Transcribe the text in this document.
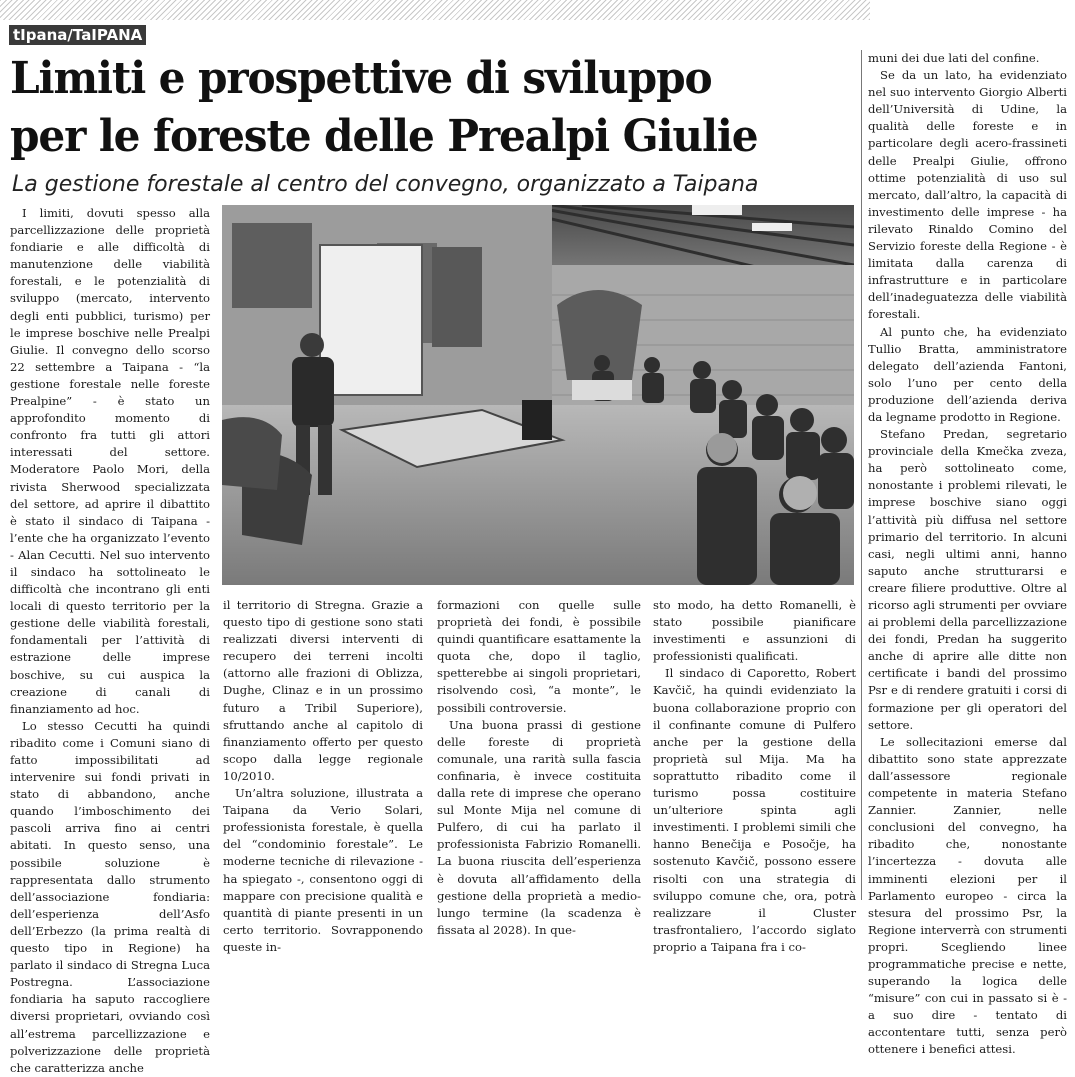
tIpana/TaIPANA
Limiti e prospettive di sviluppo
per le foreste delle Prealpi Giulie
La gestione forestale al centro del convegno, organizzato a Taipana

I limiti, dovuti spesso alla parcellizzazione delle proprietà fondiarie e alle difficoltà di manutenzione delle viabilità forestali, e le potenzialità di sviluppo (mercato, intervento degli enti pubblici, turismo) per le imprese boschive nelle Prealpi Giulie. Il convegno dello scorso 22 settembre a Taipana - “la gestione forestale nelle foreste Prealpine” - è stato un approfondito momento di confronto fra tutti gli attori interessati del settore. Moderatore Paolo Mori, della rivista Sherwood specializzata del settore, ad aprire il dibattito è stato il sindaco di Taipana - l’ente che ha organizzato l’evento - Alan Cecutti. Nel suo intervento il sindaco ha sottolineato le difficoltà che incontrano gli enti locali di questo territorio per la gestione delle viabilità forestali, fondamentali per l’attività di estrazione delle imprese boschive, su cui auspica la creazione di canali di finanziamento ad hoc.

Lo stesso Cecutti ha quindi ribadito come i Comuni siano di fatto impossibilitati ad intervenire sui fondi privati in stato di abbandono, anche quando l’imboschimento dei pascoli arriva fino ai centri abitati. In questo senso, una possibile soluzione è rappresentata dallo strumento dell’associazione fondiaria: dell’esperienza dell’Asfo dell’Erbezzo (la prima realtà di questo tipo in Regione) ha parlato il sindaco di Stregna Luca Postregna. L’associazione fondiaria ha saputo raccogliere diversi proprietari, ovviando così all’estrema parcellizzazione e polverizzazione delle proprietà che caratterizza anche

il territorio di Stregna. Grazie a questo tipo di gestione sono stati realizzati diversi interventi di recupero dei terreni incolti (attorno alle frazioni di Oblizza, Dughe, Clinaz e in un prossimo futuro a Tribil Superiore), sfruttando anche al capitolo di finanziamento offerto per questo scopo dalla legge regionale 10/2010.

Un’altra soluzione, illustrata a Taipana da Verio Solari, professionista forestale, è quella del “condominio forestale”. Le moderne tecniche di rilevazione - ha spiegato -, consentono oggi di mappare con precisione qualità e quantità di piante presenti in un certo territorio. Sovrapponendo queste in-

formazioni con quelle sulle proprietà dei fondi, è possibile quindi quantificare esattamente la quota che, dopo il taglio, spetterebbe ai singoli proprietari, risolvendo così, “a monte”, le possibili controversie.

Una buona prassi di gestione delle foreste di proprietà comunale, una rarità sulla fascia confinaria, è invece costituita dalla rete di imprese che operano sul Monte Mija nel comune di Pulfero, di cui ha parlato il professionista Fabrizio Romanelli. La buona riuscita dell’esperienza è dovuta all’affidamento della gestione della proprietà a medio-lungo termine (la scadenza è fissata al 2028). In que-

sto modo, ha detto Romanelli, è stato possibile pianificare investimenti e assunzioni di professionisti qualificati.

Il sindaco di Caporetto, Robert Kavčič, ha quindi evidenziato la buona collaborazione proprio con il confinante comune di Pulfero anche per la gestione della proprietà sul Mija. Ma ha soprattutto ribadito come il turismo possa costituire un’ulteriore spinta agli investimenti. I problemi simili che hanno Benečija e Posočje, ha sostenuto Kavčič, possono essere risolti con una strategia di sviluppo comune che, ora, potrà realizzare il Cluster trasfrontaliero, l’accordo siglato proprio a Taipana fra i co-

muni dei due lati del confine.

Se da un lato, ha evidenziato nel suo intervento Giorgio Alberti dell’Università di Udine, la qualità delle foreste e in particolare degli acero-frassineti delle Prealpi Giulie, offrono ottime potenzialità di uso sul mercato, dall’altro, la capacità di investimento delle imprese - ha rilevato Rinaldo Comino del Servizio foreste della Regione - è limitata dalla carenza di infrastrutture e in particolare dell’inadeguatezza delle viabilità forestali.

Al punto che, ha evidenziato Tullio Bratta, amministratore delegato dell’azienda Fantoni, solo l’uno per cento della produzione dell’azienda deriva da legname prodotto in Regione.

Stefano Predan, segretario provinciale della Kmečka zveza, ha però sottolineato come, nonostante i problemi rilevati, le imprese boschive siano oggi l’attività più diffusa nel settore primario del territorio. In alcuni casi, negli ultimi anni, hanno saputo anche strutturarsi e creare filiere produttive. Oltre al ricorso agli strumenti per ovviare ai problemi della parcellizzazione dei fondi, Predan ha suggerito anche di aprire alle ditte non certificate i bandi del prossimo Psr e di rendere gratuiti i corsi di formazione per gli operatori del settore.

Le sollecitazioni emerse dal dibattito sono state apprezzate dall’assessore regionale competente in materia Stefano Zannier. Zannier, nelle conclusioni del convegno, ha ribadito che, nonostante l’incertezza - dovuta alle imminenti elezioni per il Parlamento europeo - circa la stesura del prossimo Psr, la Regione interverrà con strumenti propri. Scegliendo linee programmatiche precise e nette, superando la logica delle “misure” con cui in passato si è - a suo dire - tentato di accontentare tutti, senza però ottenere i benefici attesi.
